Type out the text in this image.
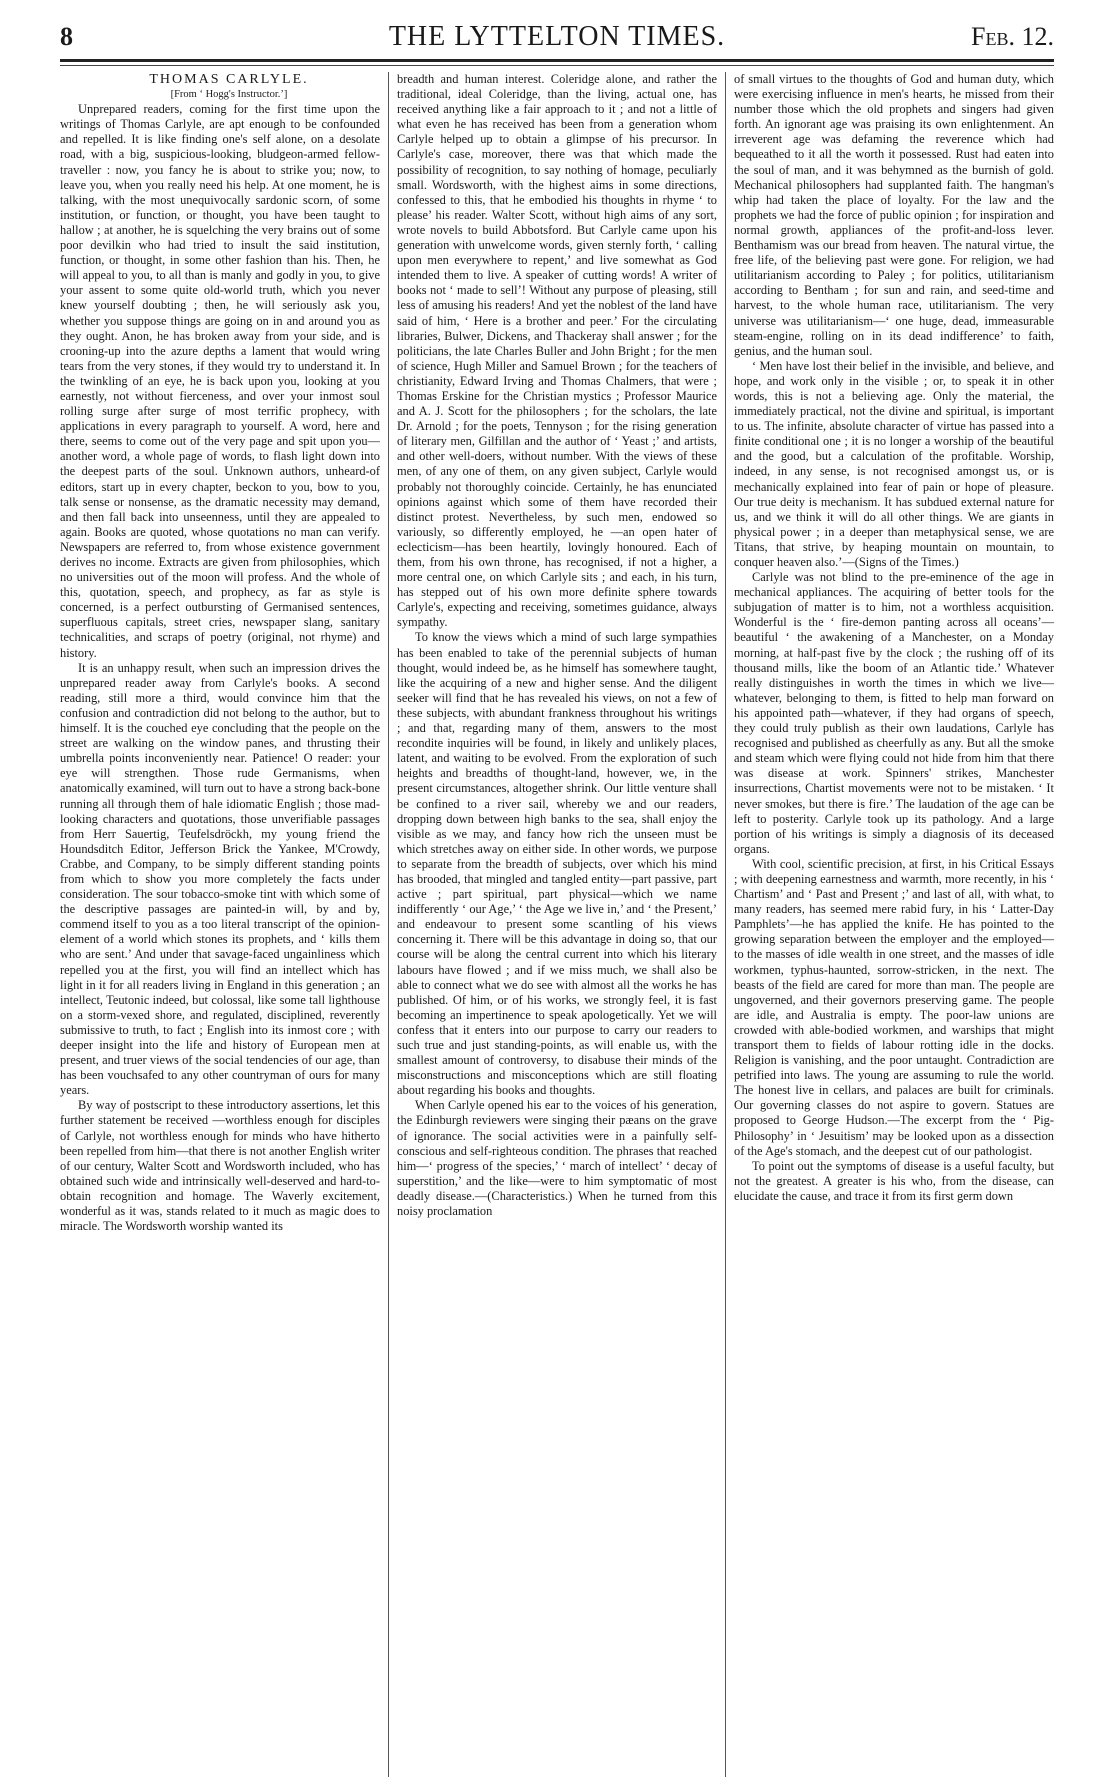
8	THE LYTTELTON TIMES.	Feb. 12.

THOMAS CARLYLE.

[From ‘ Hogg's Instructor.’]

Unprepared readers, coming for the first time upon the writings of Thomas Carlyle, are apt enough to be confounded and repelled. It is like finding one's self alone, on a desolate road, with a big, suspicious-looking, bludgeon-armed fellow-traveller : now, you fancy he is about to strike you; now, to leave you, when you really need his help. At one moment, he is talking, with the most unequivocally sardonic scorn, of some institution, or function, or thought, you have been taught to hallow ; at another, he is squelching the very brains out of some poor devilkin who had tried to insult the said institution, function, or thought, in some other fashion than his. Then, he will appeal to you, to all than is manly and godly in you, to give your assent to some quite old-world truth, which you never knew yourself doubting ; then, he will seriously ask you, whether you suppose things are going on in and around you as they ought. Anon, he has broken away from your side, and is crooning-up into the azure depths a lament that would wring tears from the very stones, if they would try to understand it. In the twinkling of an eye, he is back upon you, looking at you earnestly, not without fierceness, and over your inmost soul rolling surge after surge of most terrific prophecy, with applications in every paragraph to yourself. A word, here and there, seems to come out of the very page and spit upon you—another word, a whole page of words, to flash light down into the deepest parts of the soul. Unknown authors, unheard-of editors, start up in every chapter, beckon to you, bow to you, talk sense or nonsense, as the dramatic necessity may demand, and then fall back into unseenness, until they are appealed to again. Books are quoted, whose quotations no man can verify. Newspapers are referred to, from whose existence government derives no income. Extracts are given from philosophies, which no universities out of the moon will profess. And the whole of this, quotation, speech, and prophecy, as far as style is concerned, is a perfect outbursting of Germanised sentences, superfluous capitals, street cries, newspaper slang, sanitary technicalities, and scraps of poetry (original, not rhyme) and history.

It is an unhappy result, when such an impression drives the unprepared reader away from Carlyle's books. A second reading, still more a third, would convince him that the confusion and contradiction did not belong to the author, but to himself. It is the couched eye concluding that the people on the street are walking on the window panes, and thrusting their umbrella points inconveniently near. Patience! O reader: your eye will strengthen. Those rude Germanisms, when anatomically examined, will turn out to have a strong back-bone running all through them of hale idiomatic English ; those mad-looking characters and quotations, those unverifiable passages from Herr Sauertig, Teufelsdröckh, my young friend the Houndsditch Editor, Jefferson Brick the Yankee, M'Crowdy, Crabbe, and Company, to be simply different standing points from which to show you more completely the facts under consideration. The sour tobacco-smoke tint with which some of the descriptive passages are painted-in will, by and by, commend itself to you as a too literal transcript of the opinion-element of a world which stones its prophets, and ‘ kills them who are sent.’ And under that savage-faced ungainliness which repelled you at the first, you will find an intellect which has light in it for all readers living in England in this generation ; an intellect, Teutonic indeed, but colossal, like some tall lighthouse on a storm-vexed shore, and regulated, disciplined, reverently submissive to truth, to fact ; English into its inmost core ; with deeper insight into the life and history of European men at present, and truer views of the social tendencies of our age, than has been vouchsafed to any other countryman of ours for many years.

By way of postscript to these introductory assertions, let this further statement be received —worthless enough for disciples of Carlyle, not worthless enough for minds who have hitherto been repelled from him—that there is not another English writer of our century, Walter Scott and Wordsworth included, who has obtained such wide and intrinsically well-deserved and hard-to-obtain recognition and homage. The Waverly excitement, wonderful as it was, stands related to it much as magic does to miracle. The Wordsworth worship wanted its

breadth and human interest. Coleridge alone, and rather the traditional, ideal Coleridge, than the living, actual one, has received anything like a fair approach to it ; and not a little of what even he has received has been from a generation whom Carlyle helped up to obtain a glimpse of his precursor. In Carlyle's case, moreover, there was that which made the possibility of recognition, to say nothing of homage, peculiarly small. Wordsworth, with the highest aims in some directions, confessed to this, that he embodied his thoughts in rhyme ‘ to please’ his reader. Walter Scott, without high aims of any sort, wrote novels to build Abbotsford. But Carlyle came upon his generation with unwelcome words, given sternly forth, ‘ calling upon men everywhere to repent,’ and live somewhat as God intended them to live. A speaker of cutting words! A writer of books not ‘ made to sell’! Without any purpose of pleasing, still less of amusing his readers! And yet the noblest of the land have said of him, ‘ Here is a brother and peer.’ For the circulating libraries, Bulwer, Dickens, and Thackeray shall answer ; for the politicians, the late Charles Buller and John Bright ; for the men of science, Hugh Miller and Samuel Brown ; for the teachers of christianity, Edward Irving and Thomas Chalmers, that were ; Thomas Erskine for the Christian mystics ; Professor Maurice and A. J. Scott for the philosophers ; for the scholars, the late Dr. Arnold ; for the poets, Tennyson ; for the rising generation of literary men, Gilfillan and the author of ‘ Yeast ;’ and artists, and other well-doers, without number. With the views of these men, of any one of them, on any given subject, Carlyle would probably not thoroughly coincide. Certainly, he has enunciated opinions against which some of them have recorded their distinct protest. Nevertheless, by such men, endowed so variously, so differently employed, he —an open hater of eclecticism—has been heartily, lovingly honoured. Each of them, from his own throne, has recognised, if not a higher, a more central one, on which Carlyle sits ; and each, in his turn, has stepped out of his own more definite sphere towards Carlyle's, expecting and receiving, sometimes guidance, always sympathy.

To know the views which a mind of such large sympathies has been enabled to take of the perennial subjects of human thought, would indeed be, as he himself has somewhere taught, like the acquiring of a new and higher sense. And the diligent seeker will find that he has revealed his views, on not a few of these subjects, with abundant frankness throughout his writings ; and that, regarding many of them, answers to the most recondite inquiries will be found, in likely and unlikely places, latent, and waiting to be evolved. From the exploration of such heights and breadths of thought-land, however, we, in the present circumstances, altogether shrink. Our little venture shall be confined to a river sail, whereby we and our readers, dropping down between high banks to the sea, shall enjoy the visible as we may, and fancy how rich the unseen must be which stretches away on either side. In other words, we purpose to separate from the breadth of subjects, over which his mind has brooded, that mingled and tangled entity—part passive, part active ; part spiritual, part physical—which we name indifferently ‘ our Age,’ ‘ the Age we live in,’ and ‘ the Present,’ and endeavour to present some scantling of his views concerning it. There will be this advantage in doing so, that our course will be along the central current into which his literary labours have flowed ; and if we miss much, we shall also be able to connect what we do see with almost all the works he has published. Of him, or of his works, we strongly feel, it is fast becoming an impertinence to speak apologetically. Yet we will confess that it enters into our purpose to carry our readers to such true and just standing-points, as will enable us, with the smallest amount of controversy, to disabuse their minds of the misconstructions and misconceptions which are still floating about regarding his books and thoughts.

When Carlyle opened his ear to the voices of his generation, the Edinburgh reviewers were singing their pæans on the grave of ignorance. The social activities were in a painfully self-conscious and self-righteous condition. The phrases that reached him—‘ progress of the species,’ ‘ march of intellect’ ‘ decay of superstition,’ and the like—were to him symptomatic of most deadly disease.—(Characteristics.) When he turned from this noisy proclamation

of small virtues to the thoughts of God and human duty, which were exercising influence in men's hearts, he missed from their number those which the old prophets and singers had given forth. An ignorant age was praising its own enlightenment. An irreverent age was defaming the reverence which had bequeathed to it all the worth it possessed. Rust had eaten into the soul of man, and it was behymned as the burnish of gold. Mechanical philosophers had supplanted faith. The hangman's whip had taken the place of loyalty. For the law and the prophets we had the force of public opinion ; for inspiration and normal growth, appliances of the profit-and-loss lever. Benthamism was our bread from heaven. The natural virtue, the free life, of the believing past were gone. For religion, we had utilitarianism according to Paley ; for politics, utilitarianism according to Bentham ; for sun and rain, and seed-time and harvest, to the whole human race, utilitarianism. The very universe was utilitarianism—‘ one huge, dead, immeasurable steam-engine, rolling on in its dead indifference’ to faith, genius, and the human soul.

‘ Men have lost their belief in the invisible, and believe, and hope, and work only in the visible ; or, to speak it in other words, this is not a believing age. Only the material, the immediately practical, not the divine and spiritual, is important to us. The infinite, absolute character of virtue has passed into a finite conditional one ; it is no longer a worship of the beautiful and the good, but a calculation of the profitable. Worship, indeed, in any sense, is not recognised amongst us, or is mechanically explained into fear of pain or hope of pleasure. Our true deity is mechanism. It has subdued external nature for us, and we think it will do all other things. We are giants in physical power ; in a deeper than metaphysical sense, we are Titans, that strive, by heaping mountain on mountain, to conquer heaven also.’—(Signs of the Times.)

Carlyle was not blind to the pre-eminence of the age in mechanical appliances. The acquiring of better tools for the subjugation of matter is to him, not a worthless acquisition. Wonderful is the ‘ fire-demon panting across all oceans’—beautiful ‘ the awakening of a Manchester, on a Monday morning, at half-past five by the clock ; the rushing off of its thousand mills, like the boom of an Atlantic tide.’ Whatever really distinguishes in worth the times in which we live—whatever, belonging to them, is fitted to help man forward on his appointed path—whatever, if they had organs of speech, they could truly publish as their own laudations, Carlyle has recognised and published as cheerfully as any. But all the smoke and steam which were flying could not hide from him that there was disease at work. Spinners' strikes, Manchester insurrections, Chartist movements were not to be mistaken. ‘ It never smokes, but there is fire.’ The laudation of the age can be left to posterity. Carlyle took up its pathology. And a large portion of his writings is simply a diagnosis of its deceased organs.

With cool, scientific precision, at first, in his Critical Essays ; with deepening earnestness and warmth, more recently, in his ‘ Chartism’ and ‘ Past and Present ;’ and last of all, with what, to many readers, has seemed mere rabid fury, in his ‘ Latter-Day Pamphlets’—he has applied the knife. He has pointed to the growing separation between the employer and the employed—to the masses of idle wealth in one street, and the masses of idle workmen, typhus-haunted, sorrow-stricken, in the next. The beasts of the field are cared for more than man. The people are ungoverned, and their governors preserving game. The people are idle, and Australia is empty. The poor-law unions are crowded with able-bodied workmen, and warships that might transport them to fields of labour rotting idle in the docks. Religion is vanishing, and the poor untaught. Contradiction are petrified into laws. The young are assuming to rule the world. The honest live in cellars, and palaces are built for criminals. Our governing classes do not aspire to govern. Statues are proposed to George Hudson.—The excerpt from the ‘ Pig-Philosophy’ in ‘ Jesuitism’ may be looked upon as a dissection of the Age's stomach, and the deepest cut of our pathologist.

To point out the symptoms of disease is a useful faculty, but not the greatest. A greater is his who, from the disease, can elucidate the cause, and trace it from its first germ down
